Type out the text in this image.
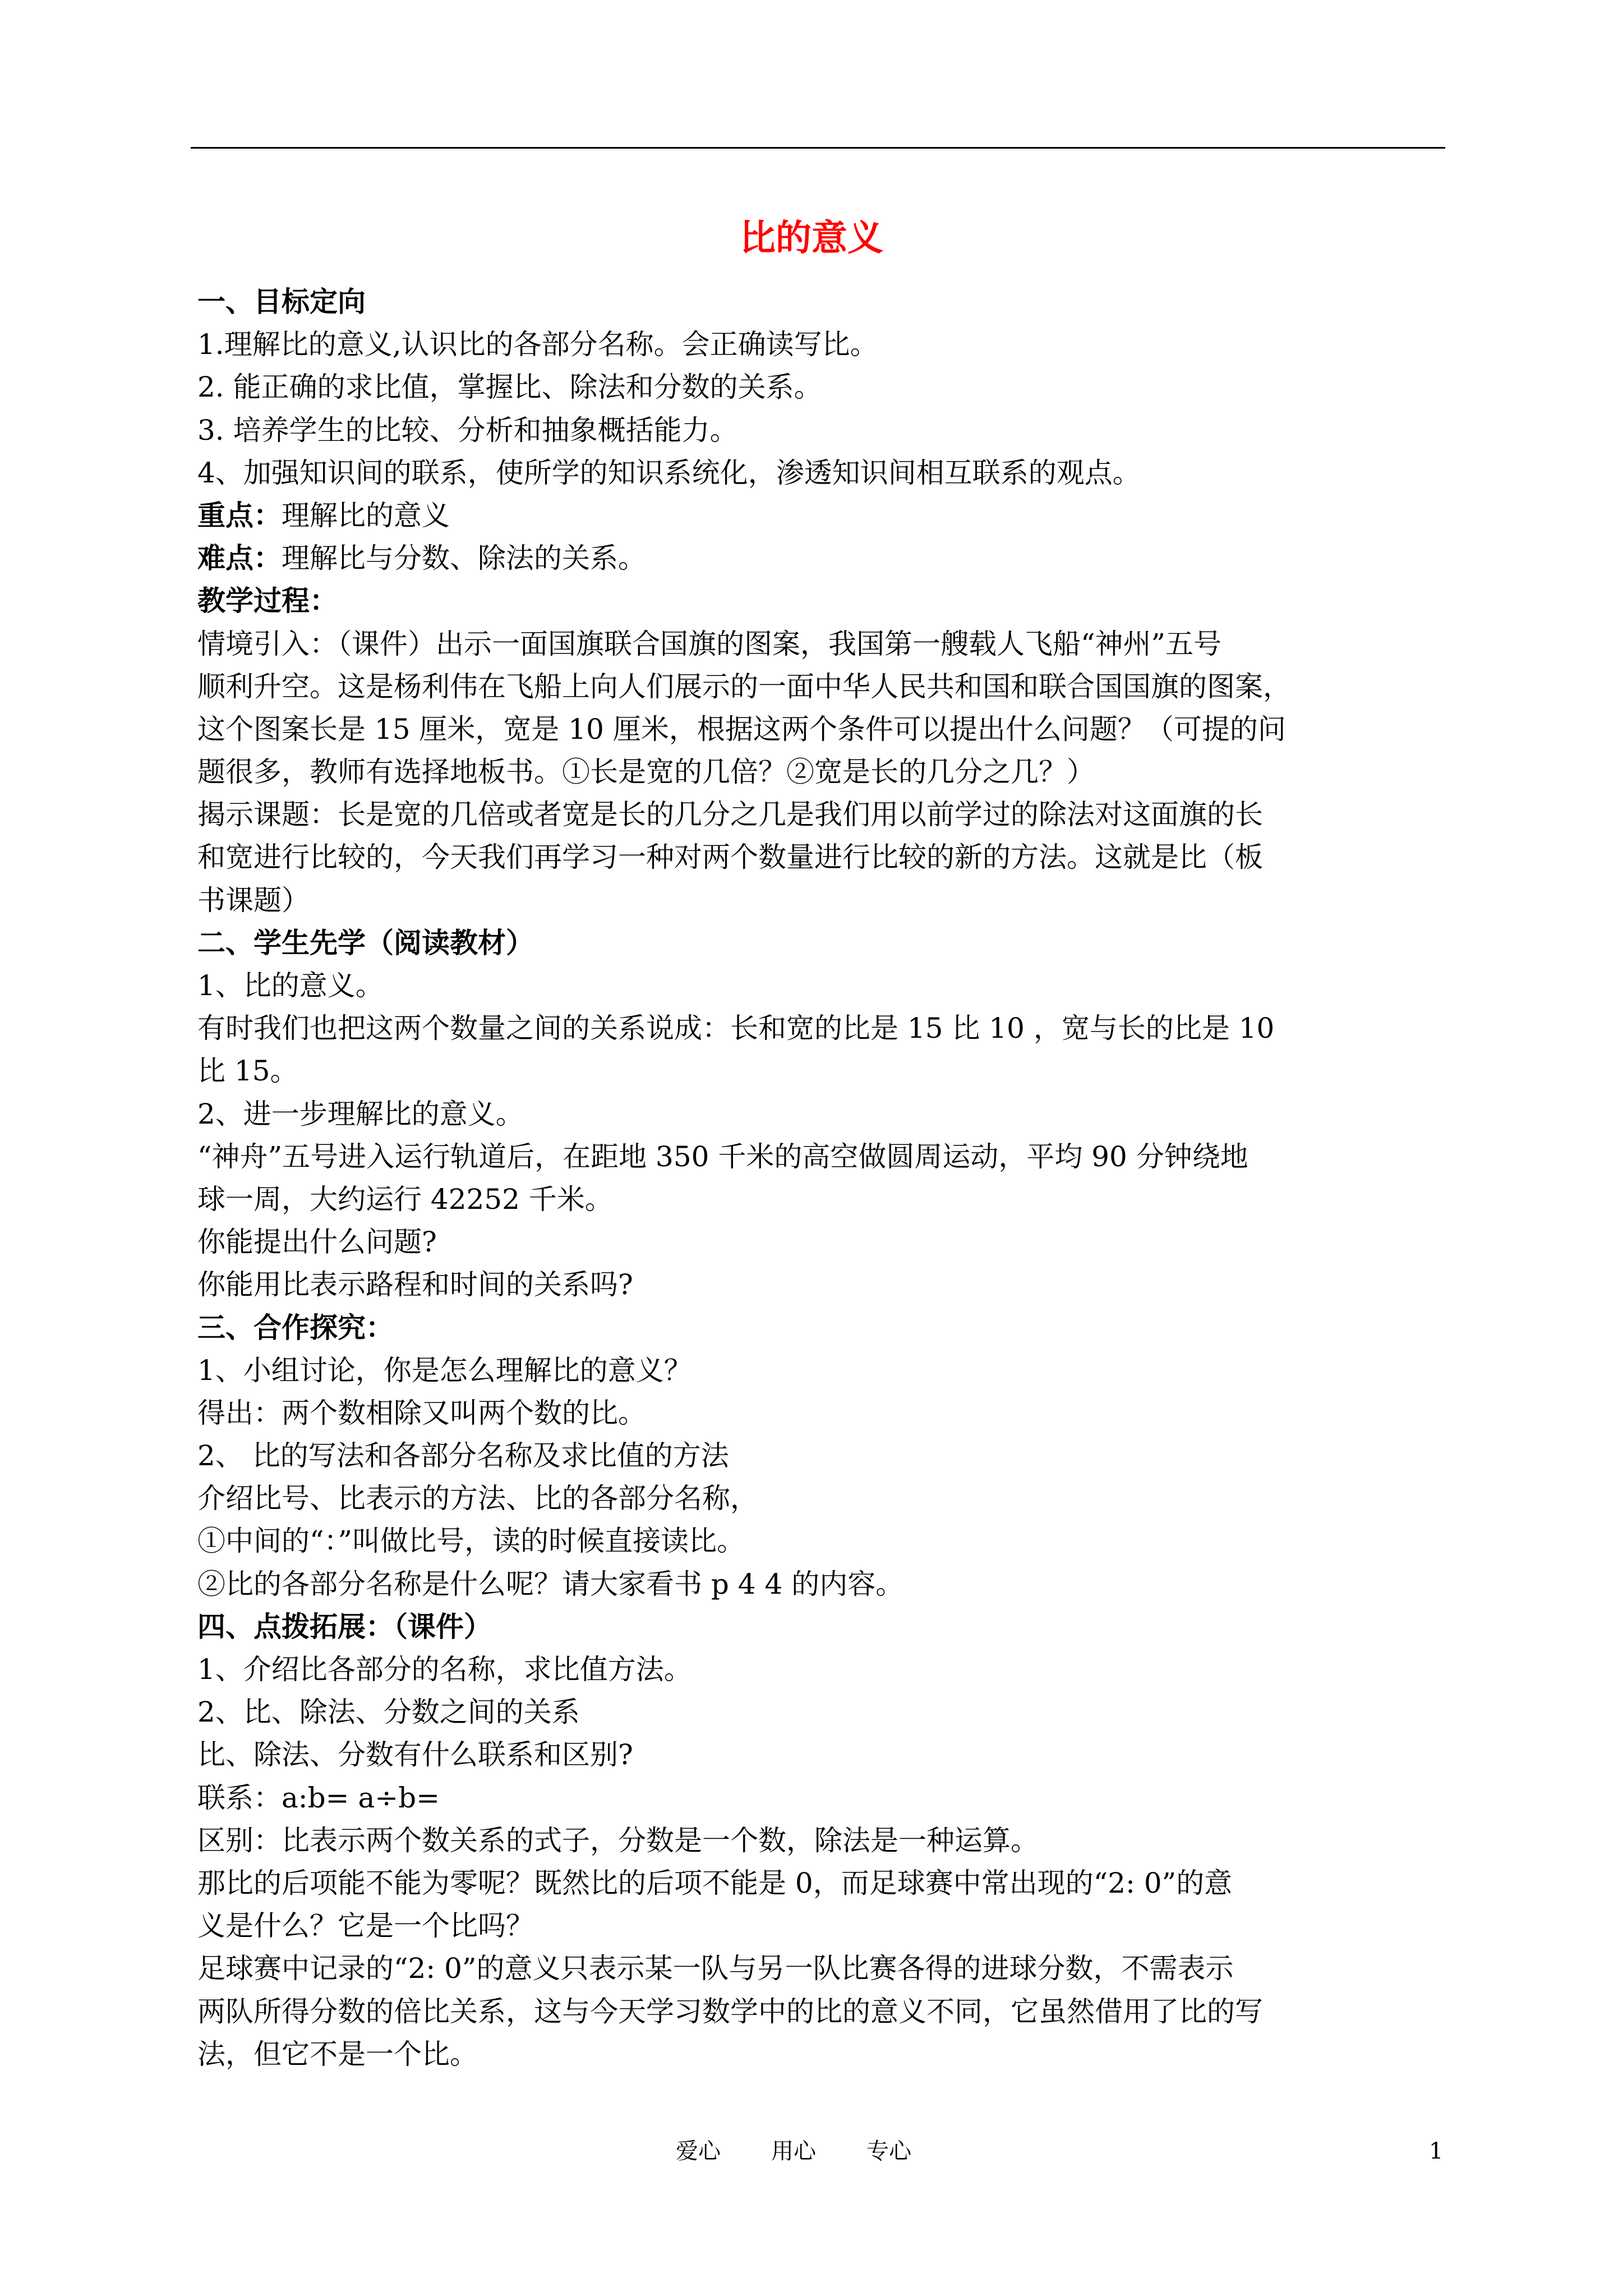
比的意义
一、目标定向
1.理解比的意义,认识比的各部分名称。会正确读写比。
2. 能正确的求比值，掌握比、除法和分数的关系。
3. 培养学生的比较、分析和抽象概括能力。
4、加强知识间的联系，使所学的知识系统化，渗透知识间相互联系的观点。
重点：理解比的意义
难点：理解比与分数、除法的关系。
教学过程：
情境引入：（课件）出示一面国旗联合国旗的图案，我国第一艘载人飞船“神州”五号
顺利升空。这是杨利伟在飞船上向人们展示的一面中华人民共和国和联合国国旗的图案，
这个图案长是 15 厘米，宽是 10 厘米，根据这两个条件可以提出什么问题？（可提的问
题很多，教师有选择地板书。①长是宽的几倍？②宽是长的几分之几？）
揭示课题：长是宽的几倍或者宽是长的几分之几是我们用以前学过的除法对这面旗的长
和宽进行比较的，今天我们再学习一种对两个数量进行比较的新的方法。这就是比（板
书课题）
二、学生先学（阅读教材）
1、比的意义。
有时我们也把这两个数量之间的关系说成：长和宽的比是 15 比 10 ，宽与长的比是 10
比 15。
2、进一步理解比的意义。
“神舟”五号进入运行轨道后，在距地 350 千米的高空做圆周运动，平均 90 分钟绕地
球一周，大约运行 42252 千米。
你能提出什么问题?
你能用比表示路程和时间的关系吗?
三、合作探究：
1、小组讨论，你是怎么理解比的意义？
得出：两个数相除又叫两个数的比。
2、 比的写法和各部分名称及求比值的方法
介绍比号、比表示的方法、比的各部分名称，
①中间的“：”叫做比号，读的时候直接读比。
②比的各部分名称是什么呢？请大家看书 p 4 4 的内容。
四、点拨拓展：（课件）
1、介绍比各部分的名称，求比值方法。
2、比、除法、分数之间的关系
比、除法、分数有什么联系和区别?
联系：a:b= a÷b=
区别：比表示两个数关系的式子，分数是一个数，除法是一种运算。
那比的后项能不能为零呢？既然比的后项不能是 0，而足球赛中常出现的“2: 0”的意
义是什么？它是一个比吗？
足球赛中记录的“2: 0”的意义只表示某一队与另一队比赛各得的进球分数，不需表示
两队所得分数的倍比关系，这与今天学习数学中的比的意义不同，它虽然借用了比的写
法，但它不是一个比。
爱心 用心 专心	1
